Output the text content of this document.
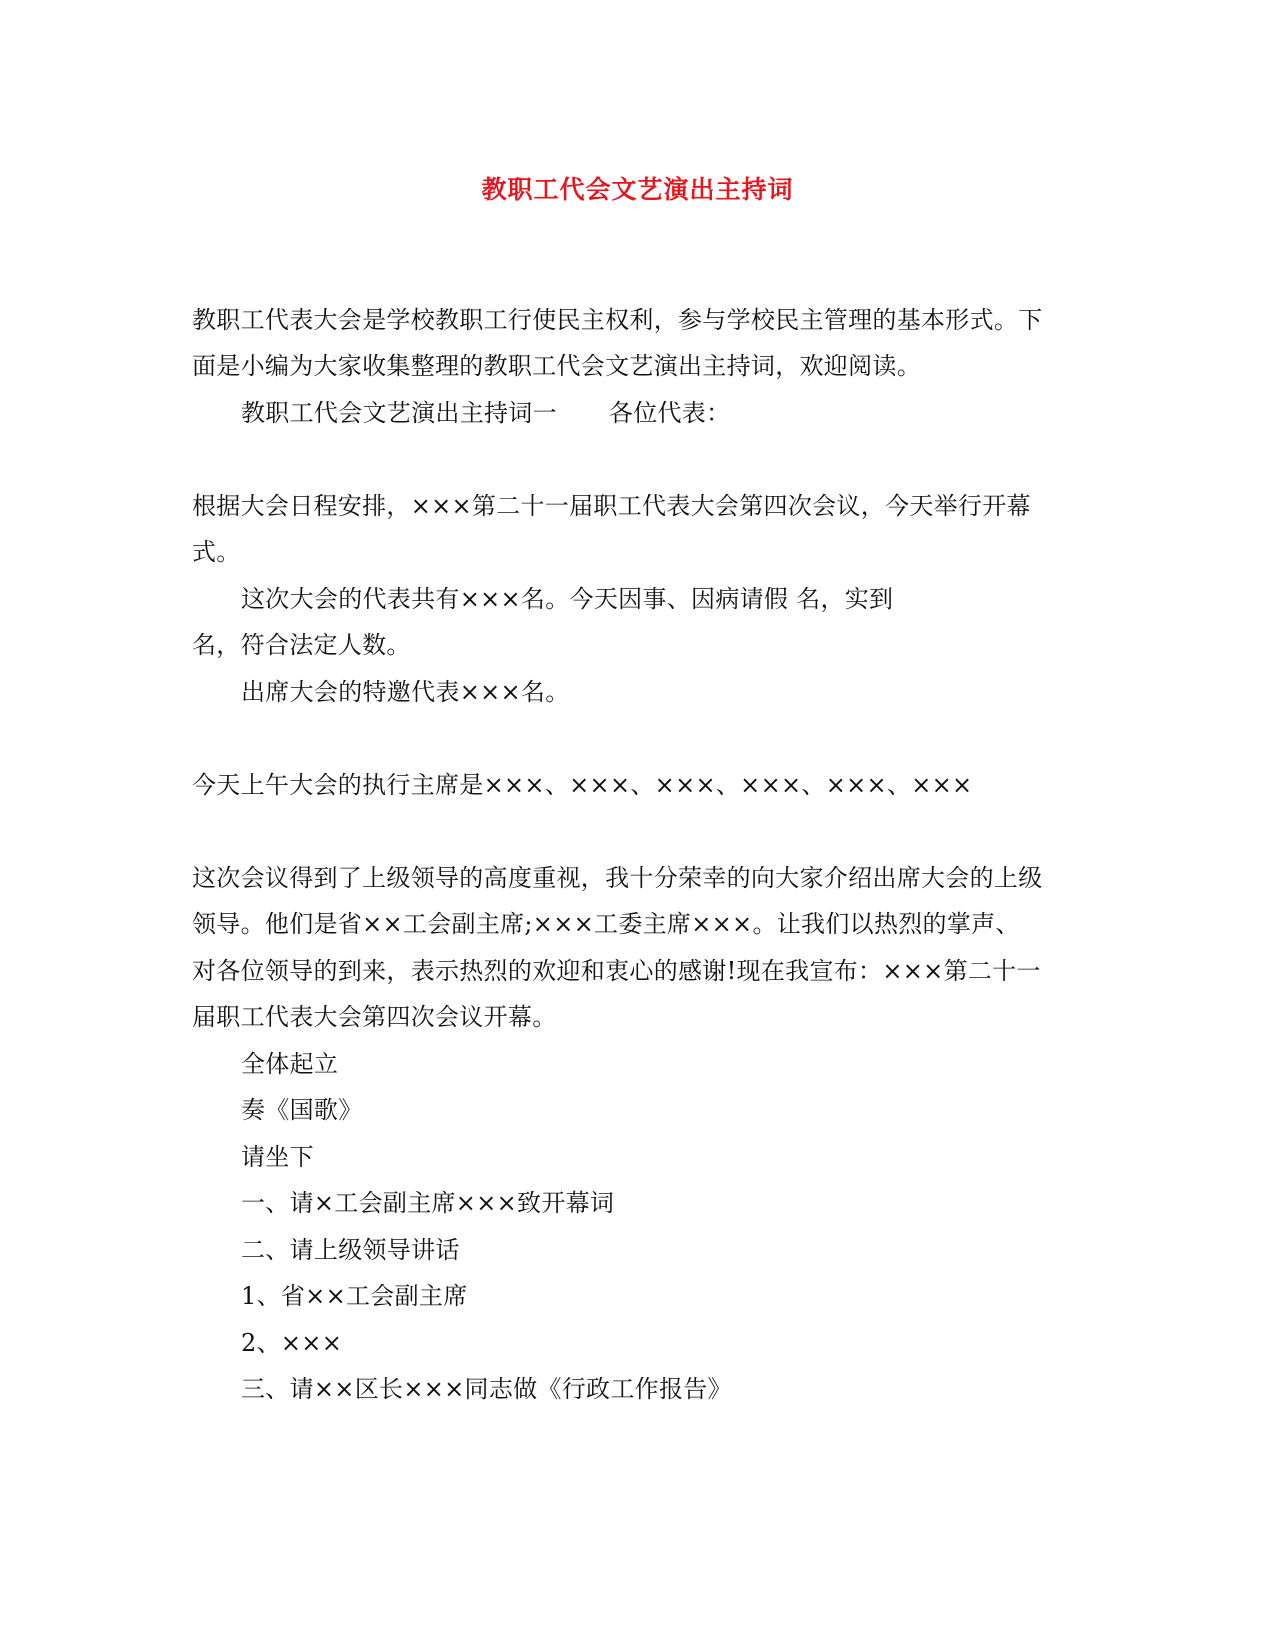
教职工代会文艺演出主持词
教职工代表大会是学校教职工行使民主权利，参与学校民主管理的基本形式。下
面是小编为大家收集整理的教职工代会文艺演出主持词，欢迎阅读。
教职工代会文艺演出主持词一 各位代表：
根据大会日程安排，×××第二十一届职工代表大会第四次会议，今天举行开幕
式。
这次大会的代表共有×××名。今天因事、因病请假 名，实到
名，符合法定人数。
出席大会的特邀代表×××名。
今天上午大会的执行主席是×××、×××、×××、×××、×××、×××
这次会议得到了上级领导的高度重视，我十分荣幸的向大家介绍出席大会的上级
领导。他们是省××工会副主席;×××工委主席×××。让我们以热烈的掌声、
对各位领导的到来，表示热烈的欢迎和衷心的感谢!现在我宣布：×××第二十一
届职工代表大会第四次会议开幕。
全体起立
奏《国歌》
请坐下
一、请×工会副主席×××致开幕词
二、请上级领导讲话
1、省××工会副主席
2、×××
三、请××区长×××同志做《行政工作报告》
